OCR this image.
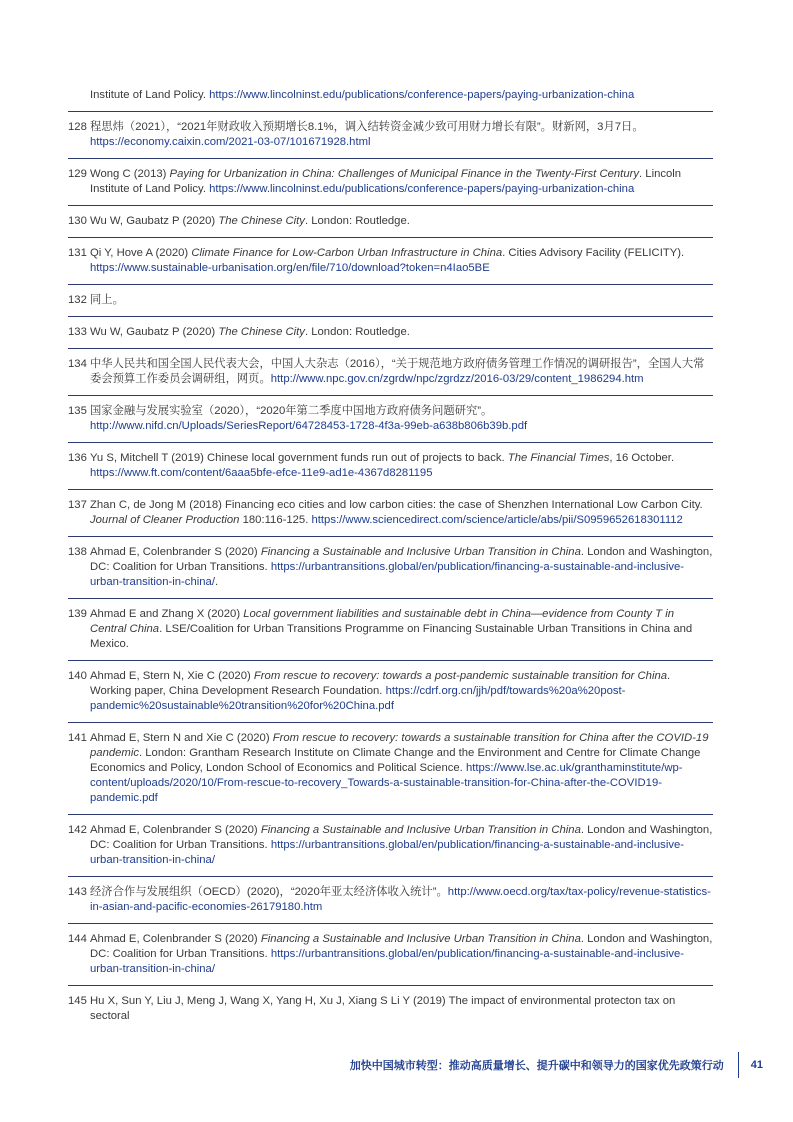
Institute of Land Policy. https://www.lincolninst.edu/publications/conference-papers/paying-urbanization-china
128 程思炜（2021），“2021年财政收入预期增长8.1%，调入结转资金减少致可用财力增长有限”。财新网，3月7日。https://economy.caixin.com/2021-03-07/101671928.html
129 Wong C (2013) Paying for Urbanization in China: Challenges of Municipal Finance in the Twenty-First Century. Lincoln Institute of Land Policy. https://www.lincolninst.edu/publications/conference-papers/paying-urbanization-china
130 Wu W, Gaubatz P (2020) The Chinese City. London: Routledge.
131 Qi Y, Hove A (2020) Climate Finance for Low-Carbon Urban Infrastructure in China. Cities Advisory Facility (FELICITY). https://www.sustainable-urbanisation.org/en/file/710/download?token=n4Iao5BE
132 同上。
133 Wu W, Gaubatz P (2020) The Chinese City. London: Routledge.
134 中华人民共和国全国人民代表大会，中国人大杂志（2016），“关于规范地方政府债务管理工作情况的调研报告”，全国人大常委会预算工作委员会调研组，网页。http://www.npc.gov.cn/zgrdw/npc/zgrdzz/2016-03/29/content_1986294.htm
135 国家金融与发展实验室（2020），“2020年第二季度中国地方政府债务问题研究”。http://www.nifd.cn/Uploads/SeriesReport/64728453-1728-4f3a-99eb-a638b806b39b.pdf
136 Yu S, Mitchell T (2019) Chinese local government funds run out of projects to back. The Financial Times, 16 October. https://www.ft.com/content/6aaa5bfe-efce-11e9-ad1e-4367d8281195
137 Zhan C, de Jong M (2018) Financing eco cities and low carbon cities: the case of Shenzhen International Low Carbon City. Journal of Cleaner Production 180:116-125. https://www.sciencedirect.com/science/article/abs/pii/S0959652618301112
138 Ahmad E, Colenbrander S (2020) Financing a Sustainable and Inclusive Urban Transition in China. London and Washington, DC: Coalition for Urban Transitions. https://urbantransitions.global/en/publication/financing-a-sustainable-and-inclusive-urban-transition-in-china/.
139 Ahmad E and Zhang X (2020) Local government liabilities and sustainable debt in China—evidence from County T in Central China. LSE/Coalition for Urban Transitions Programme on Financing Sustainable Urban Transitions in China and Mexico.
140 Ahmad E, Stern N, Xie C (2020) From rescue to recovery: towards a post-pandemic sustainable transition for China. Working paper, China Development Research Foundation. https://cdrf.org.cn/jjh/pdf/towards%20a%20post-pandemic%20sustainable%20transition%20for%20China.pdf
141 Ahmad E, Stern N and Xie C (2020) From rescue to recovery: towards a sustainable transition for China after the COVID-19 pandemic. London: Grantham Research Institute on Climate Change and the Environment and Centre for Climate Change Economics and Policy, London School of Economics and Political Science. https://www.lse.ac.uk/granthaminstitute/wp-content/uploads/2020/10/From-rescue-to-recovery_Towards-a-sustainable-transition-for-China-after-the-COVID19-pandemic.pdf
142 Ahmad E, Colenbrander S (2020) Financing a Sustainable and Inclusive Urban Transition in China. London and Washington, DC: Coalition for Urban Transitions. https://urbantransitions.global/en/publication/financing-a-sustainable-and-inclusive-urban-transition-in-china/
143 经济合作与发展组织（OECD）(2020)，“2020年亚太经济体收入统计”。http://www.oecd.org/tax/tax-policy/revenue-statistics-in-asian-and-pacific-economies-26179180.htm
144 Ahmad E, Colenbrander S (2020) Financing a Sustainable and Inclusive Urban Transition in China. London and Washington, DC: Coalition for Urban Transitions. https://urbantransitions.global/en/publication/financing-a-sustainable-and-inclusive-urban-transition-in-china/
145 Hu X, Sun Y, Liu J, Meng J, Wang X, Yang H, Xu J, Xiang S Li Y (2019) The impact of environmental protecton tax on sectoral
加快中国城市转型：推动高质量增长、提升碳中和领导力的国家优先政策行动 41
